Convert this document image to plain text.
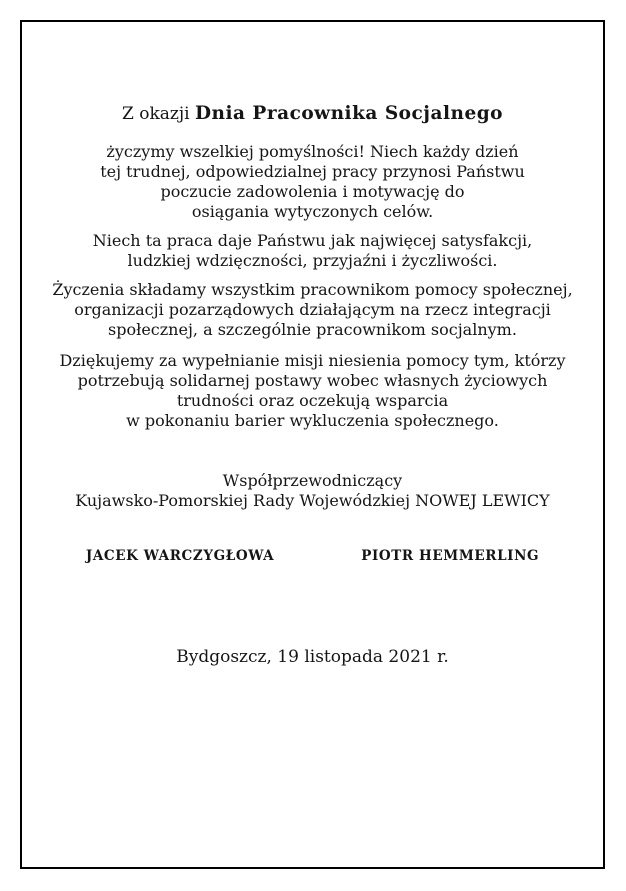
Z okazji Dnia Pracownika Socjalnego
życzymy wszelkiej pomyślności! Niech każdy dzień
tej trudnej, odpowiedzialnej pracy przynosi Państwu
poczucie zadowolenia i motywację do
osiągania wytyczonych celów.
Niech ta praca daje Państwu jak najwięcej satysfakcji,
ludzkiej wdzięczności, przyjaźni i życzliwości.
Życzenia składamy wszystkim pracownikom pomocy społecznej,
organizacji pozarządowych działającym na rzecz integracji
społecznej, a szczególnie pracownikom socjalnym.
Dziękujemy za wypełnianie misji niesienia pomocy tym, którzy
potrzebują solidarnej postawy wobec własnych życiowych
trudności oraz oczekują wsparcia
w pokonaniu barier wykluczenia społecznego.
Współprzewodniczący
Kujawsko-Pomorskiej Rady Wojewódzkiej NOWEJ LEWICY
JACEK WARCZYGŁOWA	PIOTR HEMMERLING
Bydgoszcz, 19 listopada 2021 r.
